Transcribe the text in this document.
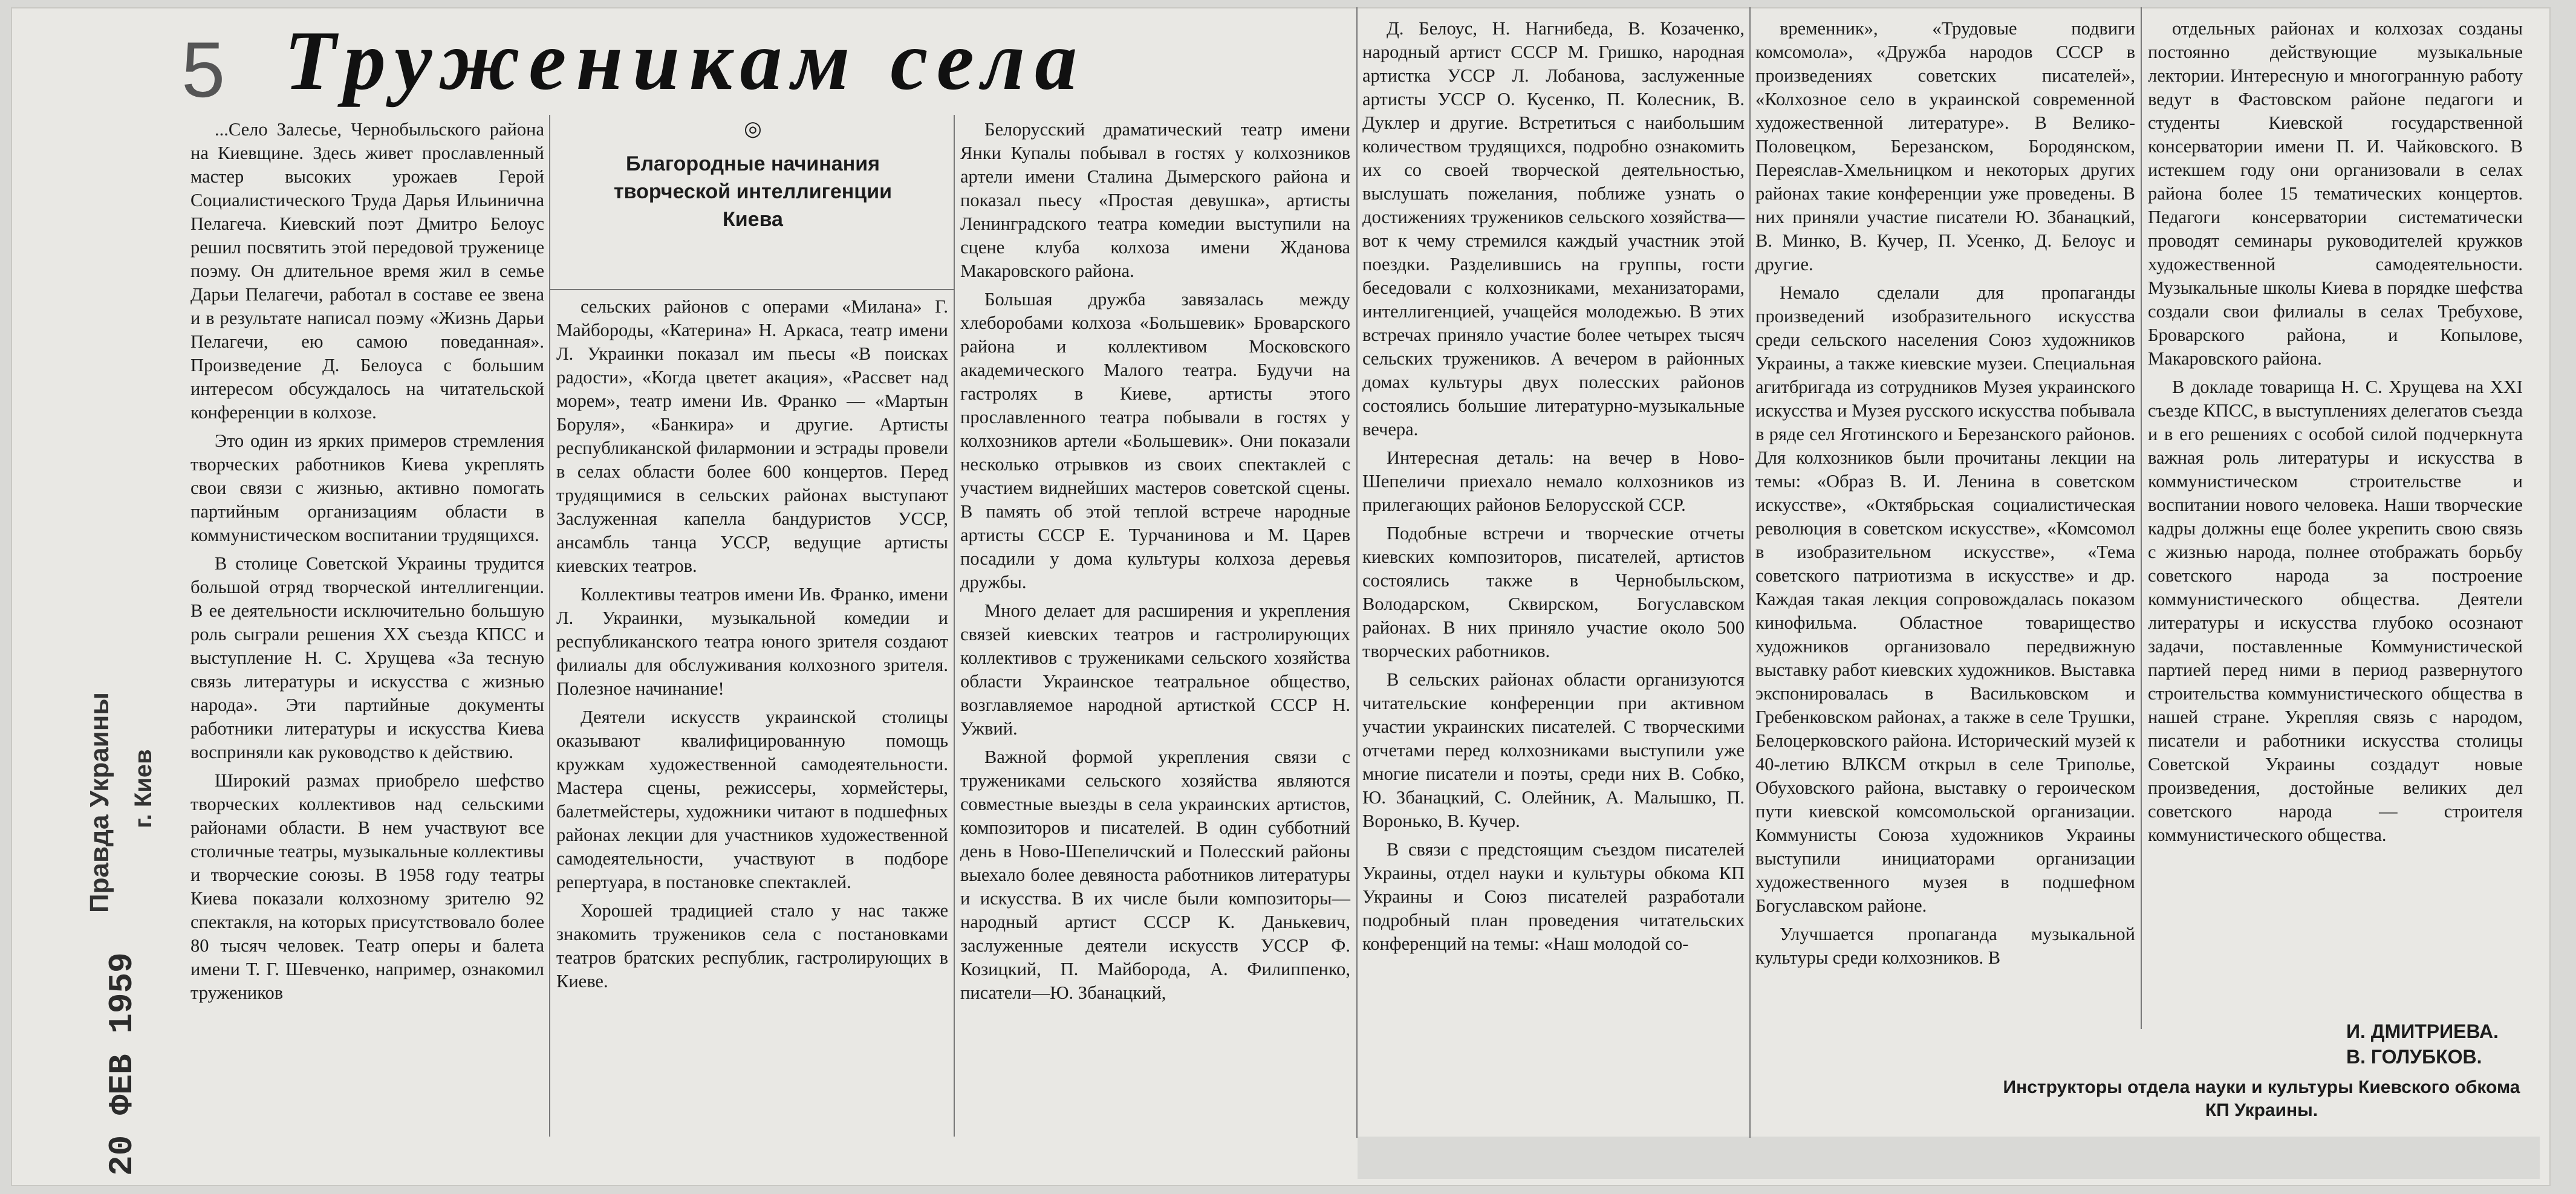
5 Труженикам села
Правда Украины г. Киев
20 ФЕВ 1959
◎
Благородные начинания творческой интеллигенции Киева

...Село Залесье, Чернобыльского района на Киевщине. Здесь живет прославленный мастер высоких урожаев Герой Социалистического Труда Дарья Ильинична Пелагеча. Киевский поэт Дмитро Белоус решил посвятить этой передовой труженице поэму. Он длительное время жил в семье Дарьи Пелагечи, работал в составе ее звена и в результате написал поэму «Жизнь Дарьи Пелагечи, ею самою поведанная». Произведение Д. Белоуса с большим интересом обсуждалось на читательской конференции в колхозе.

Это один из ярких примеров стремления творческих работников Киева укреплять свои связи с жизнью, активно помогать партийным организациям области в коммунистическом воспитании трудящихся.

В столице Советской Украины трудится большой отряд творческой интеллигенции. В ее деятельности исключительно большую роль сыграли решения XX съезда КПСС и выступление Н. С. Хрущева «За тесную связь литературы и искусства с жизнью народа». Эти партийные документы работники литературы и искусства Киева восприняли как руководство к действию.

Широкий размах приобрело шефство творческих коллективов над сельскими районами области. В нем участвуют все столичные театры, музыкальные коллективы и творческие союзы. В 1958 году театры Киева показали колхозному зрителю 92 спектакля, на которых присутствовало более 80 тысяч человек. Театр оперы и балета имени Т. Г. Шевченко, например, ознакомил тружеников

сельских районов с операми «Милана» Г. Майбороды, «Катерина» Н. Аркаса, театр имени Л. Украинки показал им пьесы «В поисках радости», «Когда цветет акация», «Рассвет над морем», театр имени Ив. Франко — «Мартын Боруля», «Банкира» и другие. Артисты республиканской филармонии и эстрады провели в селах области более 600 концертов. Перед трудящимися в сельских районах выступают Заслуженная капелла бандуристов УССР, ансамбль танца УССР, ведущие артисты киевских театров.

Коллективы театров имени Ив. Франко, имени Л. Украинки, музыкальной комедии и республиканского театра юного зрителя создают филиалы для обслуживания колхозного зрителя. Полезное начинание!

Деятели искусств украинской столицы оказывают квалифицированную помощь кружкам художественной самодеятельности. Мастера сцены, режиссеры, хормейстеры, балетмейстеры, художники читают в подшефных районах лекции для участников художественной самодеятельности, участвуют в подборе репертуара, в постановке спектаклей.

Хорошей традицией стало у нас также знакомить тружеников села с постановками театров братских республик, гастролирующих в Киеве.

Белорусский драматический театр имени Янки Купалы побывал в гостях у колхозников артели имени Сталина Дымерского района и показал пьесу «Простая девушка», артисты Ленинградского театра комедии выступили на сцене клуба колхоза имени Жданова Макаровского района.

Большая дружба завязалась между хлеборобами колхоза «Большевик» Броварского района и коллективом Московского академического Малого театра. Будучи на гастролях в Киеве, артисты этого прославленного театра побывали в гостях у колхозников артели «Большевик». Они показали несколько отрывков из своих спектаклей с участием виднейших мастеров советской сцены. В память об этой теплой встрече народные артисты СССР Е. Турчанинова и М. Царев посадили у дома культуры колхоза деревья дружбы.

Много делает для расширения и укрепления связей киевских театров и гастролирующих коллективов с тружениками сельского хозяйства области Украинское театральное общество, возглавляемое народной артисткой СССР Н. Ужвий.

Важной формой укрепления связи с тружениками сельского хозяйства являются совместные выезды в села украинских артистов, композиторов и писателей. В один субботний день в Ново-Шепеличский и Полесский районы выехало более девяноста работников литературы и искусства. В их числе были композиторы—народный артист СССР К. Данькевич, заслуженные деятели искусств УССР Ф. Козицкий, П. Майборода, А. Филиппенко, писатели—Ю. Збанацкий,

Д. Белоус, Н. Нагнибеда, В. Козаченко, народный артист СССР М. Гришко, народная артистка УССР Л. Лобанова, заслуженные артисты УССР О. Кусенко, П. Колесник, В. Дуклер и другие. Встретиться с наибольшим количеством трудящихся, подробно ознакомить их со своей творческой деятельностью, выслушать пожелания, поближе узнать о достижениях тружеников сельского хозяйства—вот к чему стремился каждый участник этой поездки. Разделившись на группы, гости беседовали с колхозниками, механизаторами, интеллигенцией, учащейся молодежью. В этих встречах приняло участие более четырех тысяч сельских тружеников. А вечером в районных домах культуры двух полесских районов состоялись большие литературно-музыкальные вечера.

Интересная деталь: на вечер в Ново-Шепеличи приехало немало колхозников из прилегающих районов Белорусской ССР.

Подобные встречи и творческие отчеты киевских композиторов, писателей, артистов состоялись также в Чернобыльском, Володарском, Сквирском, Богуславском районах. В них приняло участие около 500 творческих работников.

В сельских районах области организуются читательские конференции при активном участии украинских писателей. С творческими отчетами перед колхозниками выступили уже многие писатели и поэты, среди них В. Собко, Ю. Збанацкий, С. Олейник, А. Малышко, П. Воронько, В. Кучер.

В связи с предстоящим съездом писателей Украины, отдел науки и культуры обкома КП Украины и Союз писателей разработали подробный план проведения читательских конференций на темы: «Наш молодой со-

временник», «Трудовые подвиги комсомола», «Дружба народов СССР в произведениях советских писателей», «Колхозное село в украинской современной художественной литературе». В Велико-Половецком, Березанском, Бородянском, Переяслав-Хмельницком и некоторых других районах такие конференции уже проведены. В них приняли участие писатели Ю. Збанацкий, В. Минко, В. Кучер, П. Усенко, Д. Белоус и другие.

Немало сделали для пропаганды произведений изобразительного искусства среди сельского населения Союз художников Украины, а также киевские музеи. Специальная агитбригада из сотрудников Музея украинского искусства и Музея русского искусства побывала в ряде сел Яготинского и Березанского районов. Для колхозников были прочитаны лекции на темы: «Образ В. И. Ленина в советском искусстве», «Октябрьская социалистическая революция в советском искусстве», «Комсомол в изобразительном искусстве», «Тема советского патриотизма в искусстве» и др. Каждая такая лекция сопровождалась показом кинофильма. Областное товарищество художников организовало передвижную выставку работ киевских художников. Выставка экспонировалась в Васильковском и Гребенковском районах, а также в селе Трушки, Белоцерковского района. Исторический музей к 40-летию ВЛКСМ открыл в селе Триполье, Обуховского района, выставку о героическом пути киевской комсомольской организации. Коммунисты Союза художников Украины выступили инициаторами организации художественного музея в подшефном Богуславском районе.

Улучшается пропаганда музыкальной культуры среди колхозников. В

отдельных районах и колхозах созданы постоянно действующие музыкальные лектории. Интересную и многогранную работу ведут в Фастовском районе педагоги и студенты Киевской государственной консерватории имени П. И. Чайковского. В истекшем году они организовали в селах района более 15 тематических концертов. Педагоги консерватории систематически проводят семинары руководителей кружков художественной самодеятельности. Музыкальные школы Киева в порядке шефства создали свои филиалы в селах Требухове, Броварского района, и Копылове, Макаровского района.

В докладе товарища Н. С. Хрущева на XXI съезде КПСС, в выступлениях делегатов съезда и в его решениях с особой силой подчеркнута важная роль литературы и искусства в коммунистическом строительстве и воспитании нового человека. Наши творческие кадры должны еще более укрепить свою связь с жизнью народа, полнее отображать борьбу советского народа за построение коммунистического общества. Деятели литературы и искусства глубоко осознают задачи, поставленные Коммунистической партией перед ними в период развернутого строительства коммунистического общества в нашей стране. Укрепляя связь с народом, писатели и работники искусства столицы Советской Украины создадут новые произведения, достойные великих дел советского народа — строителя коммунистического общества.

И. ДМИТРИЕВА.
В. ГОЛУБКОВ.
Инструкторы отдела науки и культуры Киевского обкома КП Украины.
